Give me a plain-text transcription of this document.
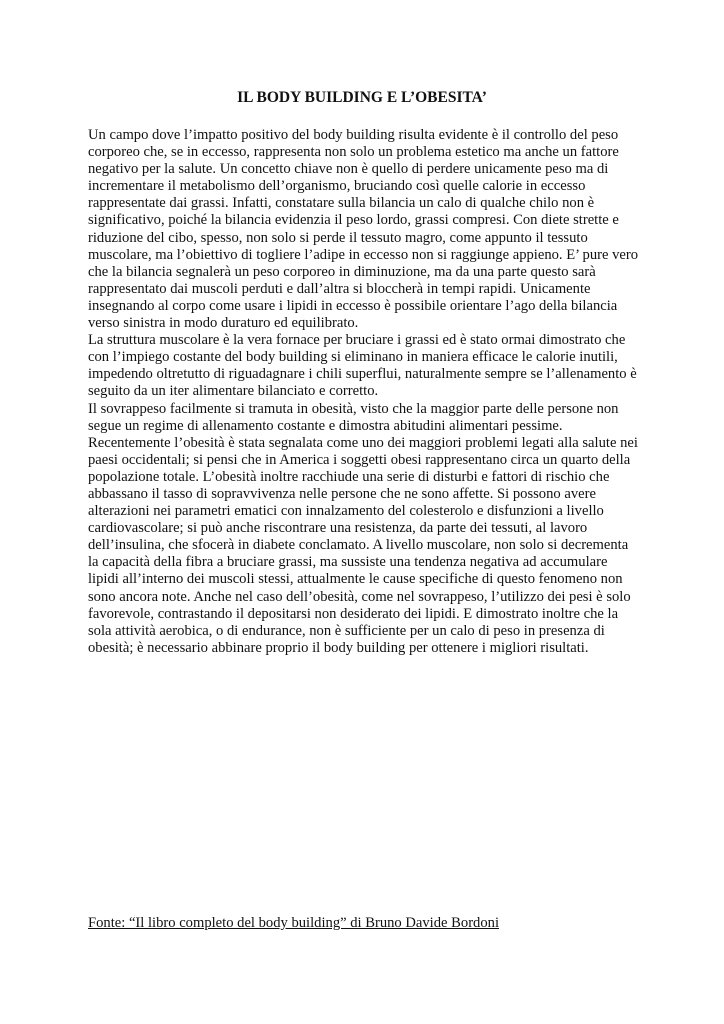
IL BODY BUILDING E L’OBESITA’

Un campo dove l’impatto positivo del body building risulta evidente è il controllo del peso corporeo che, se in eccesso, rappresenta non solo un problema estetico ma anche un fattore negativo per la salute. Un concetto chiave non è quello di perdere unicamente peso ma di incrementare il metabolismo dell’organismo, bruciando così quelle calorie in eccesso rappresentate dai grassi. Infatti, constatare sulla bilancia un calo di qualche chilo non è significativo, poiché la bilancia evidenzia il peso lordo, grassi compresi. Con diete strette e riduzione del cibo, spesso, non solo si perde il tessuto magro, come appunto il tessuto muscolare, ma l’obiettivo di togliere l’adipe in eccesso non si raggiunge appieno. E’ pure vero che la bilancia segnalerà un peso corporeo in diminuzione, ma da una parte questo sarà rappresentato dai muscoli perduti e dall’altra si bloccherà in tempi rapidi. Unicamente insegnando al corpo come usare i lipidi in eccesso è possibile orientare l’ago della bilancia verso sinistra in modo duraturo ed equilibrato.

La struttura muscolare è la vera fornace per bruciare i grassi ed è stato ormai dimostrato che con l’impiego costante del body building si eliminano in maniera efficace le calorie inutili, impedendo oltretutto di riguadagnare i chili superflui, naturalmente sempre se l’allenamento è seguito da un iter alimentare bilanciato e corretto.

Il sovrappeso facilmente si tramuta in obesità, visto che la maggior parte delle persone non segue un regime di allenamento costante e dimostra abitudini alimentari pessime. Recentemente l’obesità è stata segnalata come uno dei maggiori problemi legati alla salute nei paesi occidentali; si pensi che in America i soggetti obesi rappresentano circa un quarto della popolazione totale. L’obesità inoltre racchiude una serie di disturbi e fattori di rischio che abbassano il tasso di sopravvivenza nelle persone che ne sono affette. Si possono avere alterazioni nei parametri ematici con innalzamento del colesterolo e disfunzioni a livello cardiovascolare; si può anche riscontrare una resistenza, da parte dei tessuti, al lavoro dell’insulina, che sfocerà in diabete conclamato. A livello muscolare, non solo si decrementa la capacità della fibra a bruciare grassi, ma sussiste una tendenza negativa ad accumulare lipidi all’interno dei muscoli stessi, attualmente le cause specifiche di questo fenomeno non sono ancora note. Anche nel caso dell’obesità, come nel sovrappeso, l’utilizzo dei pesi è solo favorevole, contrastando il depositarsi non desiderato dei lipidi. E dimostrato inoltre che la sola attività aerobica, o di endurance, non è sufficiente per un calo di peso in presenza di obesità; è necessario abbinare proprio il body building per ottenere i migliori risultati.

Fonte: “Il libro completo del body building” di Bruno Davide Bordoni
